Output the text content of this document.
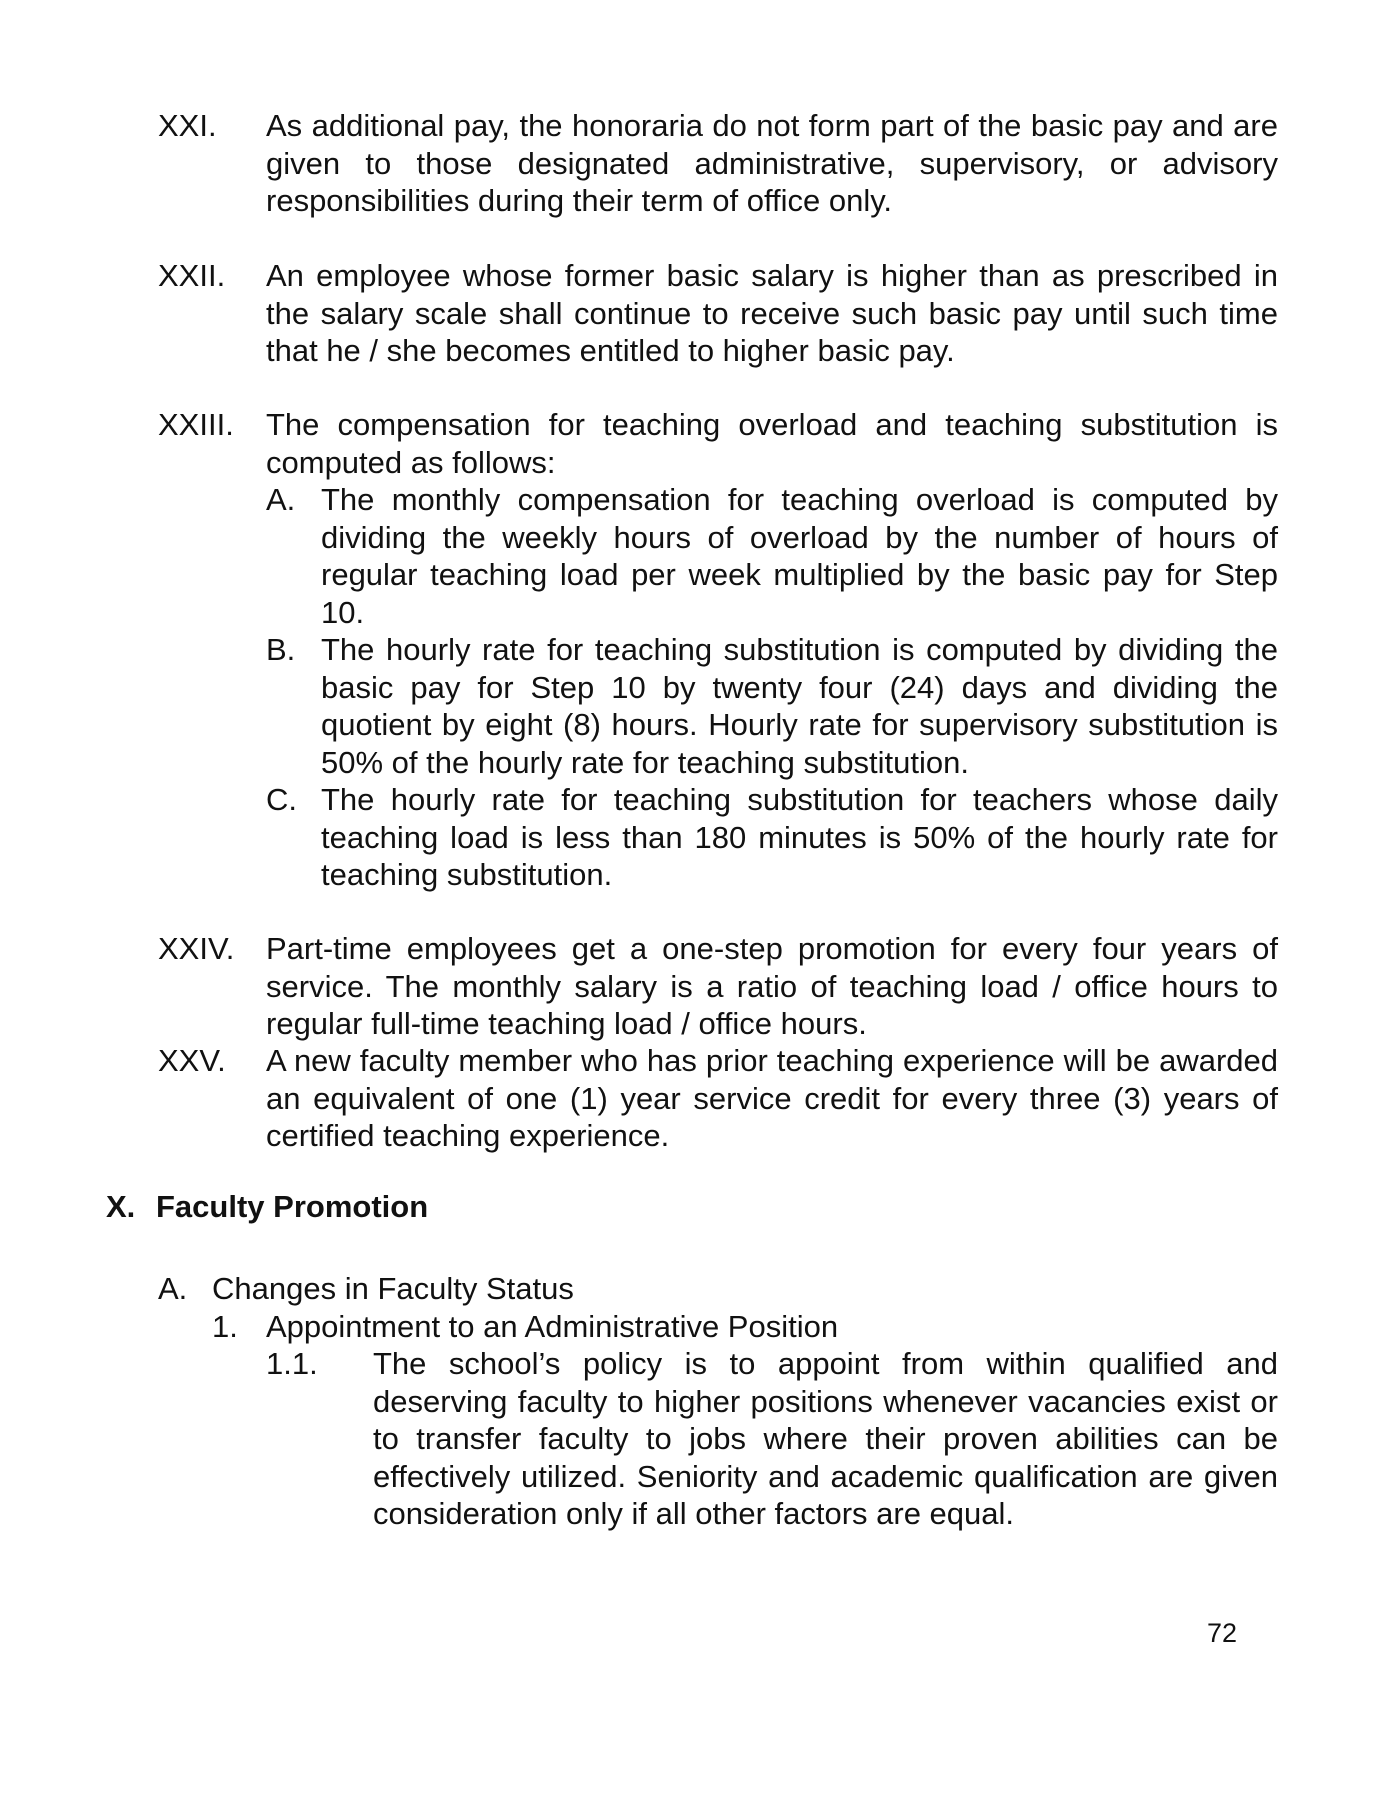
XXI. As additional pay, the honoraria do not form part of the basic pay and are given to those designated administrative, supervisory, or advisory responsibilities during their term of office only.
XXII. An employee whose former basic salary is higher than as prescribed in the salary scale shall continue to receive such basic pay until such time that he / she becomes entitled to higher basic pay.
XXIII. The compensation for teaching overload and teaching substitution is computed as follows:
A. The monthly compensation for teaching overload is computed by dividing the weekly hours of overload by the number of hours of regular teaching load per week multiplied by the basic pay for Step 10.
B. The hourly rate for teaching substitution is computed by dividing the basic pay for Step 10 by twenty four (24) days and dividing the quotient by eight (8) hours. Hourly rate for supervisory substitution is 50% of the hourly rate for teaching substitution.
C. The hourly rate for teaching substitution for teachers whose daily teaching load is less than 180 minutes is 50% of the hourly rate for teaching substitution.
XXIV. Part-time employees get a one-step promotion for every four years of service. The monthly salary is a ratio of teaching load / office hours to regular full-time teaching load / office hours.
XXV. A new faculty member who has prior teaching experience will be awarded an equivalent of one (1) year service credit for every three (3) years of certified teaching experience.
X. Faculty Promotion
A. Changes in Faculty Status
1. Appointment to an Administrative Position
1.1. The school’s policy is to appoint from within qualified and deserving faculty to higher positions whenever vacancies exist or to transfer faculty to jobs where their proven abilities can be effectively utilized. Seniority and academic qualification are given consideration only if all other factors are equal.
72
